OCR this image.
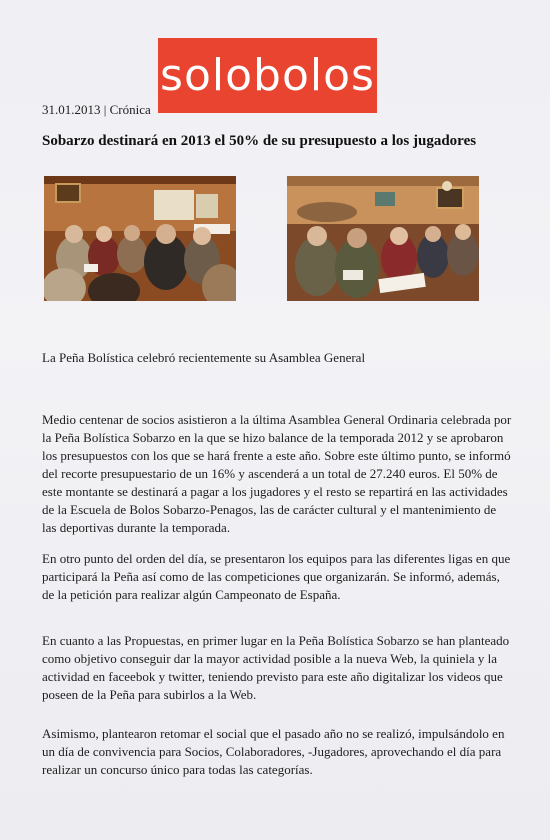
solobolos
31.01.2013 | Crónica
Sobarzo destinará en 2013 el 50% de su presupuesto a los jugadores

La Peña Bolística celebró recientemente su Asamblea General

Medio centenar de socios asistieron a la última Asamblea General Ordinaria celebrada por la Peña Bolística Sobarzo en la que se hizo balance de la temporada 2012 y se aprobaron los presupuestos con los que se hará frente a este año. Sobre este último punto, se informó del recorte presupuestario de un 16% y ascenderá a un total de 27.240 euros. El 50% de este montante se destinará a pagar a los jugadores y el resto se repartirá en las actividades de la Escuela de Bolos Sobarzo-Penagos, las de carácter cultural y el mantenimiento de las deportivas durante la temporada.

En otro punto del orden del día, se presentaron los equipos para las diferentes ligas en que participará la Peña así como de las competiciones que organizarán. Se informó, además, de la petición para realizar algún Campeonato de España.

En cuanto a las Propuestas, en primer lugar en la Peña Bolística Sobarzo se han planteado como objetivo conseguir dar la mayor actividad posible a la nueva Web, la quiniela y la actividad en faceebok y twitter, teniendo previsto para este año digitalizar los videos que poseen de la Peña para subirlos a la Web.

Asimismo, plantearon retomar el social que el pasado año no se realizó, impulsándolo en un día de convivencia para Socios, Colaboradores, -Jugadores, aprovechando el día para realizar un concurso único para todas las categorías.
